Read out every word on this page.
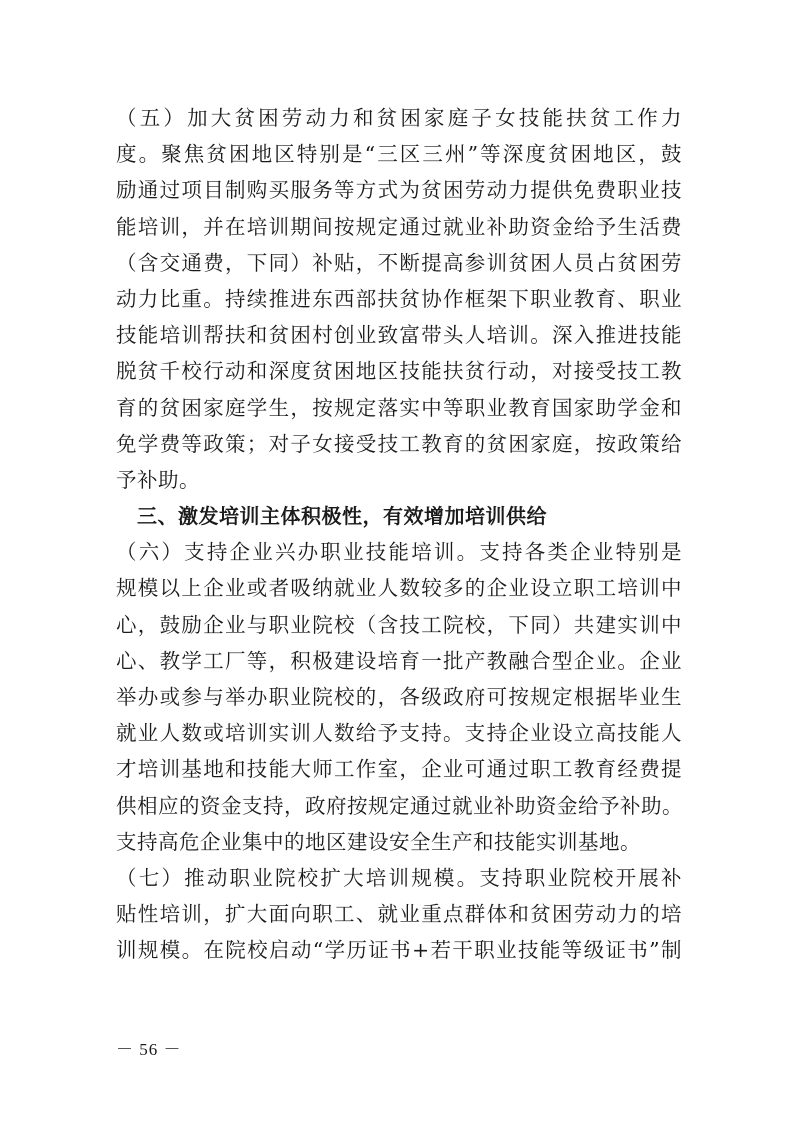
（五）加大贫困劳动力和贫困家庭子女技能扶贫工作力
度。聚焦贫困地区特别是“三区三州”等深度贫困地区，鼓
励通过项目制购买服务等方式为贫困劳动力提供免费职业技
能培训，并在培训期间按规定通过就业补助资金给予生活费
（含交通费，下同）补贴，不断提高参训贫困人员占贫困劳
动力比重。持续推进东西部扶贫协作框架下职业教育、职业
技能培训帮扶和贫困村创业致富带头人培训。深入推进技能
脱贫千校行动和深度贫困地区技能扶贫行动，对接受技工教
育的贫困家庭学生，按规定落实中等职业教育国家助学金和
免学费等政策；对子女接受技工教育的贫困家庭，按政策给
予补助。
三、激发培训主体积极性，有效增加培训供给
（六）支持企业兴办职业技能培训。支持各类企业特别是
规模以上企业或者吸纳就业人数较多的企业设立职工培训中
心，鼓励企业与职业院校（含技工院校，下同）共建实训中
心、教学工厂等，积极建设培育一批产教融合型企业。企业
举办或参与举办职业院校的，各级政府可按规定根据毕业生
就业人数或培训实训人数给予支持。支持企业设立高技能人
才培训基地和技能大师工作室，企业可通过职工教育经费提
供相应的资金支持，政府按规定通过就业补助资金给予补助。
支持高危企业集中的地区建设安全生产和技能实训基地。
（七）推动职业院校扩大培训规模。支持职业院校开展补
贴性培训，扩大面向职工、就业重点群体和贫困劳动力的培
训规模。在院校启动“学历证书+若干职业技能等级证书”制
－ 56 －
